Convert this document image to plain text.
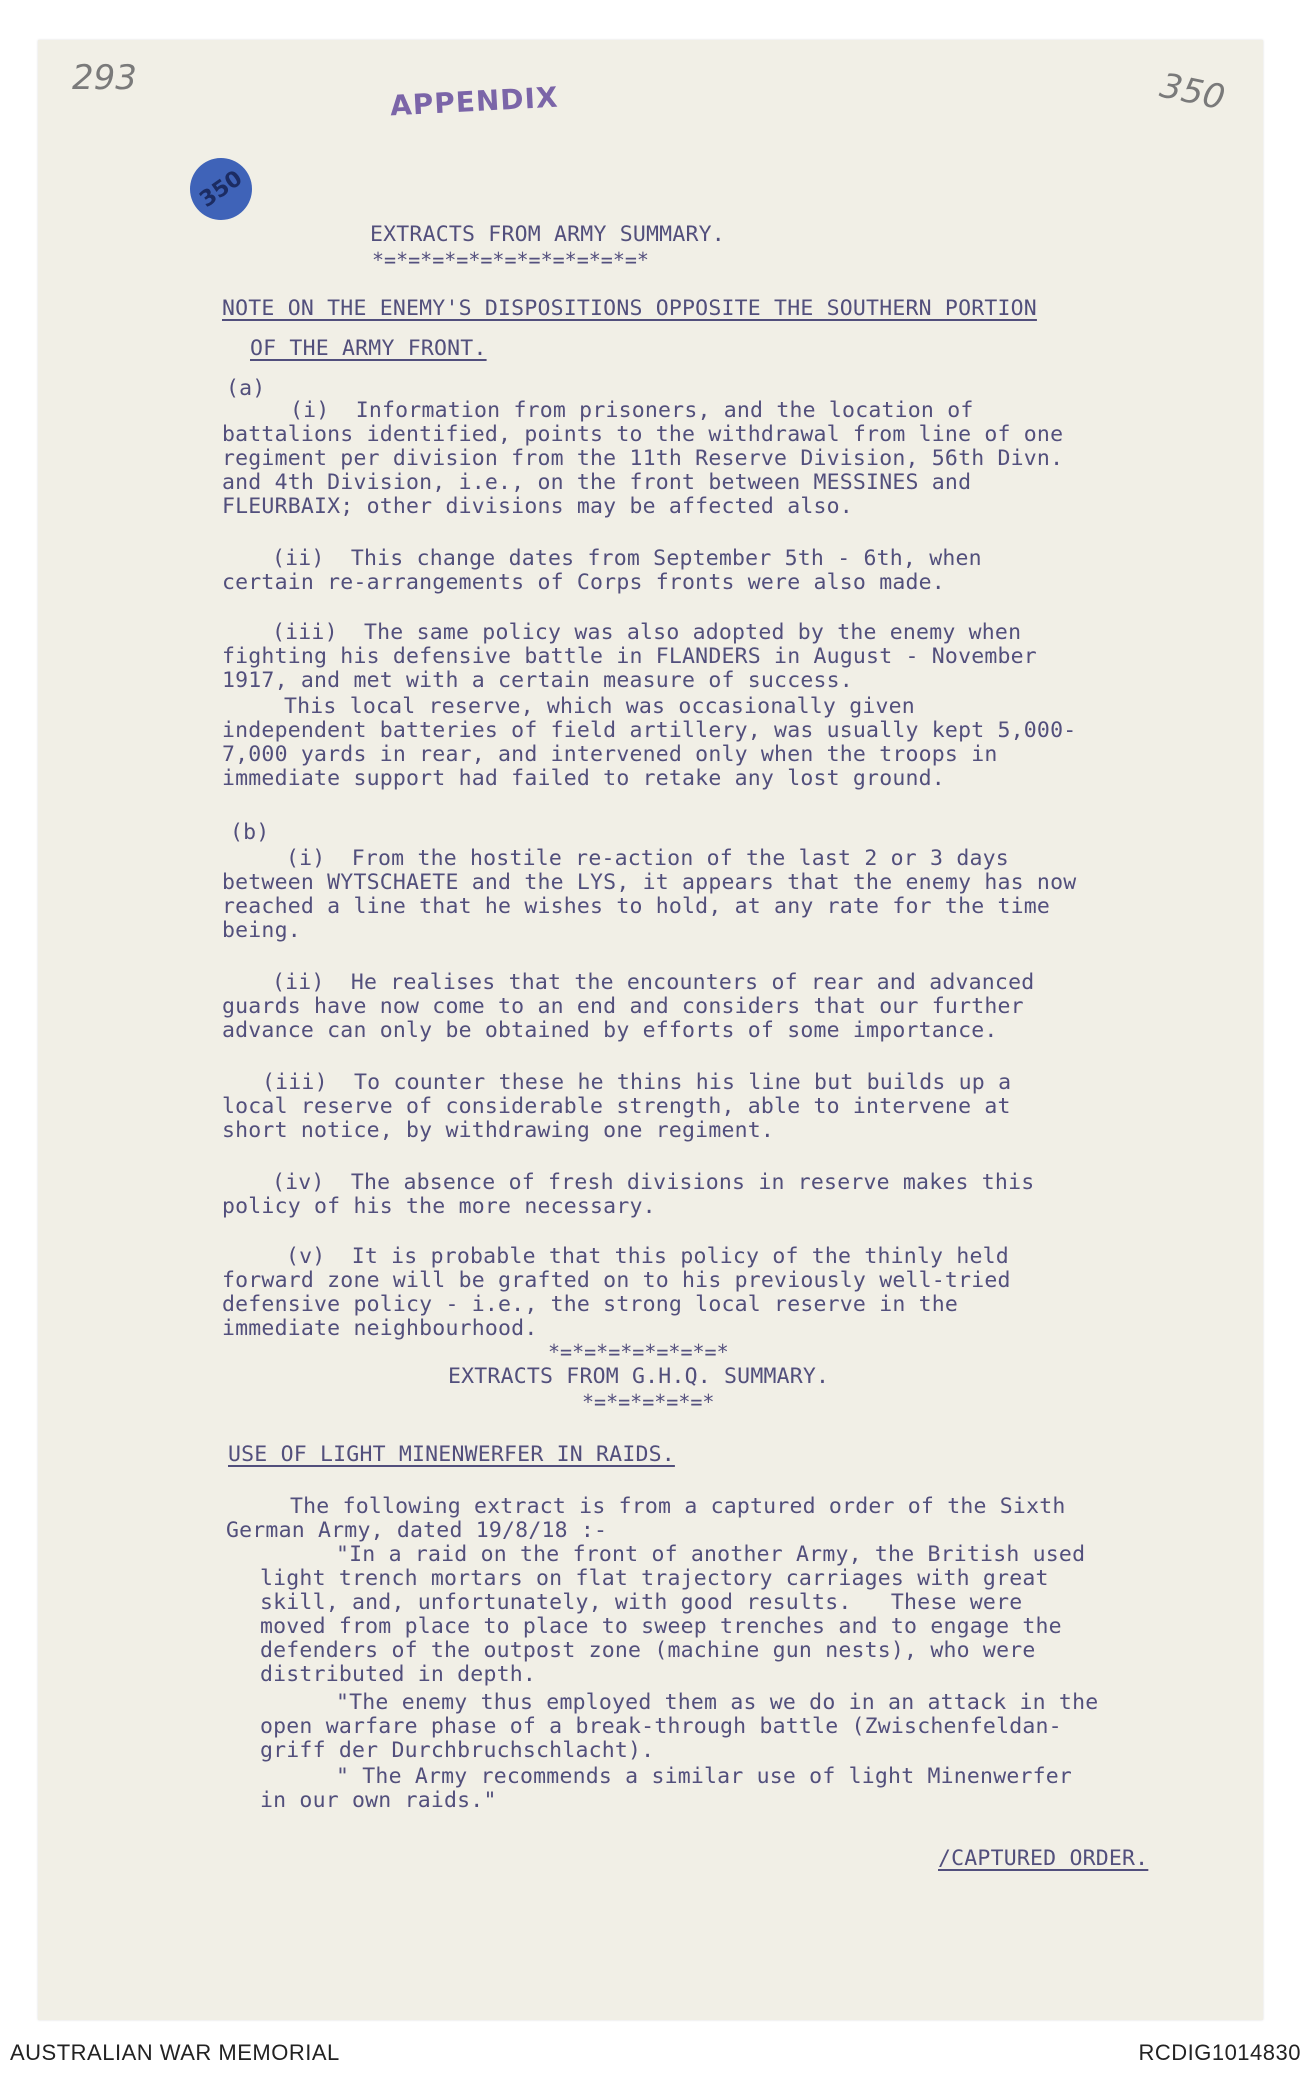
293	350
APPENDIX
350
EXTRACTS FROM ARMY SUMMARY.
*=*=*=*=*=*=*=*=*=*=*=*
NOTE ON THE ENEMY'S DISPOSITIONS OPPOSITE THE SOUTHERN PORTION
OF THE ARMY FRONT.
(a)
(i)  Information from prisoners, and the location of
battalions identified, points to the withdrawal from line of one
regiment per division from the 11th Reserve Division, 56th Divn.
and 4th Division, i.e., on the front between MESSINES and
FLEURBAIX; other divisions may be affected also.
(ii)  This change dates from September 5th - 6th, when
certain re-arrangements of Corps fronts were also made.
(iii)  The same policy was also adopted by the enemy when
fighting his defensive battle in FLANDERS in August - November
1917, and met with a certain measure of success.
This local reserve, which was occasionally given
independent batteries of field artillery, was usually kept 5,000-
7,000 yards in rear, and intervened only when the troops in
immediate support had failed to retake any lost ground.
(b)
(i)  From the hostile re-action of the last 2 or 3 days
between WYTSCHAETE and the LYS, it appears that the enemy has now
reached a line that he wishes to hold, at any rate for the time
being.
(ii)  He realises that the encounters of rear and advanced
guards have now come to an end and considers that our further
advance can only be obtained by efforts of some importance.
(iii)  To counter these he thins his line but builds up a
local reserve of considerable strength, able to intervene at
short notice, by withdrawing one regiment.
(iv)  The absence of fresh divisions in reserve makes this
policy of his the more necessary.
(v)  It is probable that this policy of the thinly held
forward zone will be grafted on to his previously well-tried
defensive policy - i.e., the strong local reserve in the
immediate neighbourhood.
*=*=*=*=*=*=*=*
EXTRACTS FROM G.H.Q. SUMMARY.
*=*=*=*=*=*
USE OF LIGHT MINENWERFER IN RAIDS.
The following extract is from a captured order of the Sixth
German Army, dated 19/8/18 :-
"In a raid on the front of another Army, the British used
light trench mortars on flat trajectory carriages with great
skill, and, unfortunately, with good results.   These were
moved from place to place to sweep trenches and to engage the
defenders of the outpost zone (machine gun nests), who were
distributed in depth.
"The enemy thus employed them as we do in an attack in the
open warfare phase of a break-through battle (Zwischenfeldan-
griff der Durchbruchschlacht).
" The Army recommends a similar use of light Minenwerfer
in our own raids."
/CAPTURED ORDER.
AUSTRALIAN WAR MEMORIAL	RCDIG1014830
